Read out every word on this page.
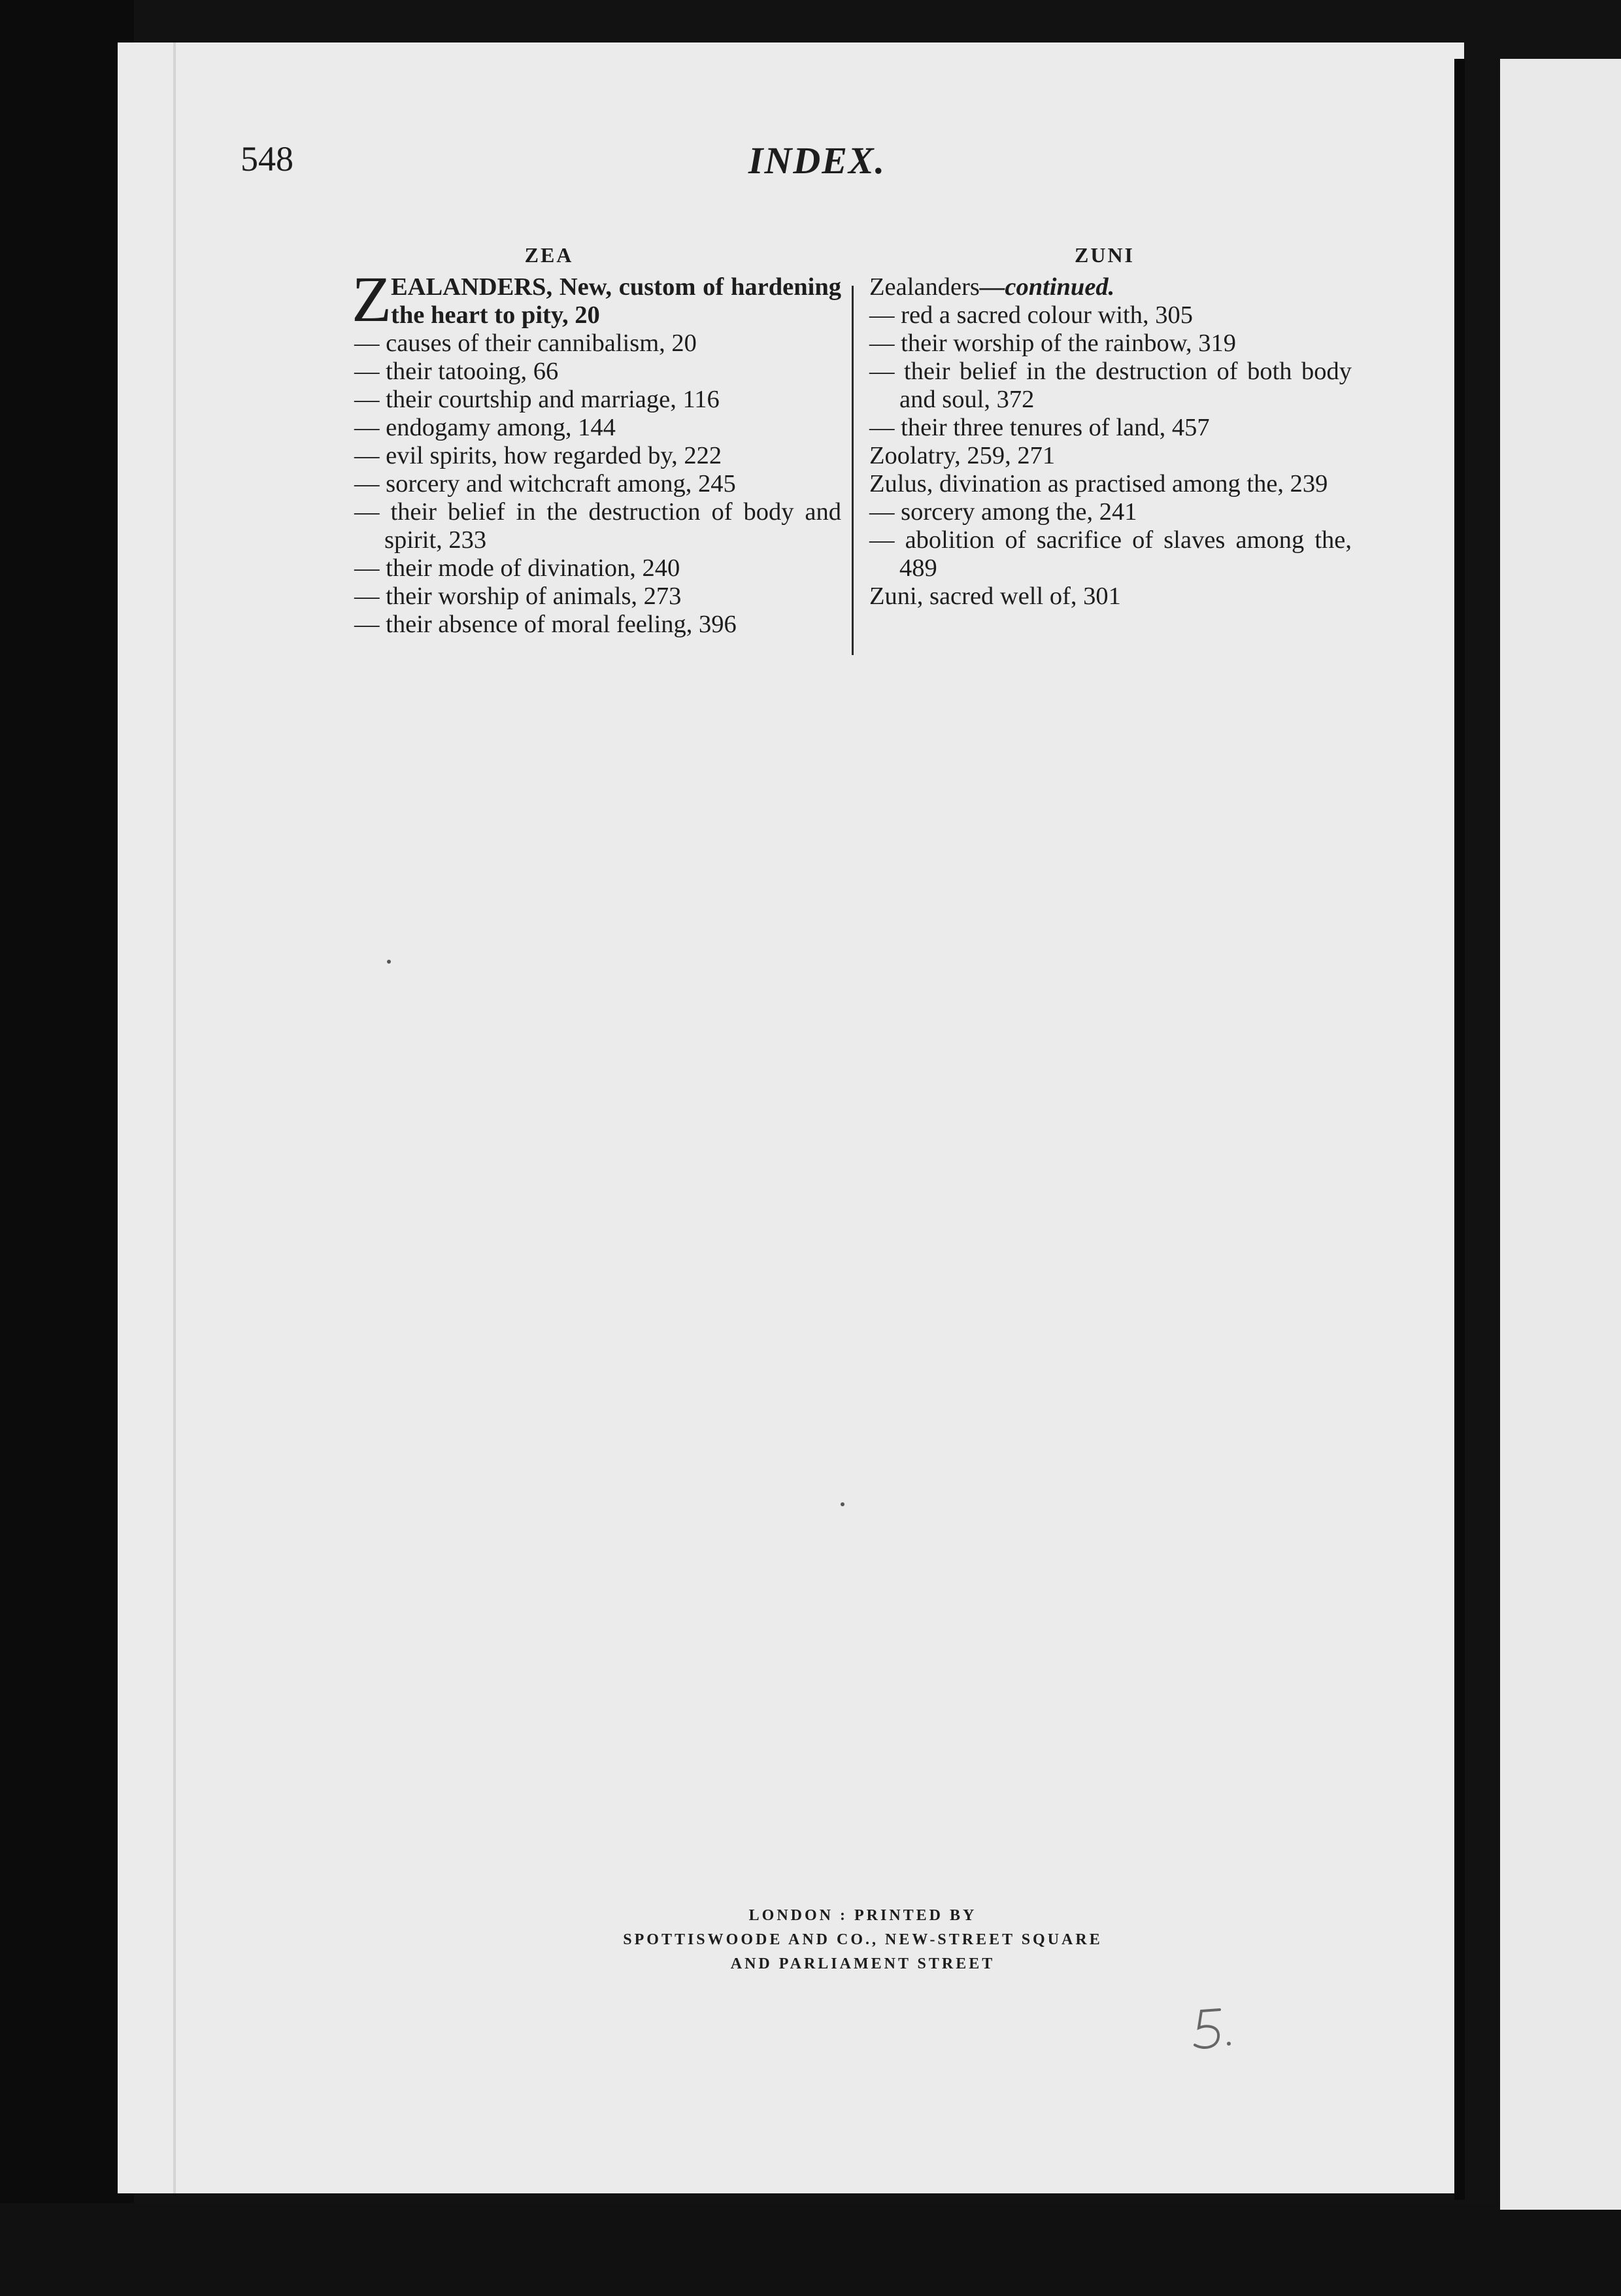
548	INDEX.
ZEA	ZUNI
Z
EALANDERS, New, custom of hardening the heart to pity, 20
— causes of their cannibalism, 20
— their tatooing, 66
— their courtship and marriage, 116
— endogamy among, 144
— evil spirits, how regarded by, 222
— sorcery and witchcraft among, 245
— their belief in the destruction of body and spirit, 233
— their mode of divination, 240
— their worship of animals, 273
— their absence of moral feeling, 396
Zealanders—continued.
— red a sacred colour with, 305
— their worship of the rainbow, 319
— their belief in the destruction of both body and soul, 372
— their three tenures of land, 457
Zoolatry, 259, 271
Zulus, divination as practised among the, 239
— sorcery among the, 241
— abolition of sacrifice of slaves among the, 489
Zuni, sacred well of, 301
LONDON : PRINTED BY
SPOTTISWOODE AND CO., NEW-STREET SQUARE
AND PARLIAMENT STREET
